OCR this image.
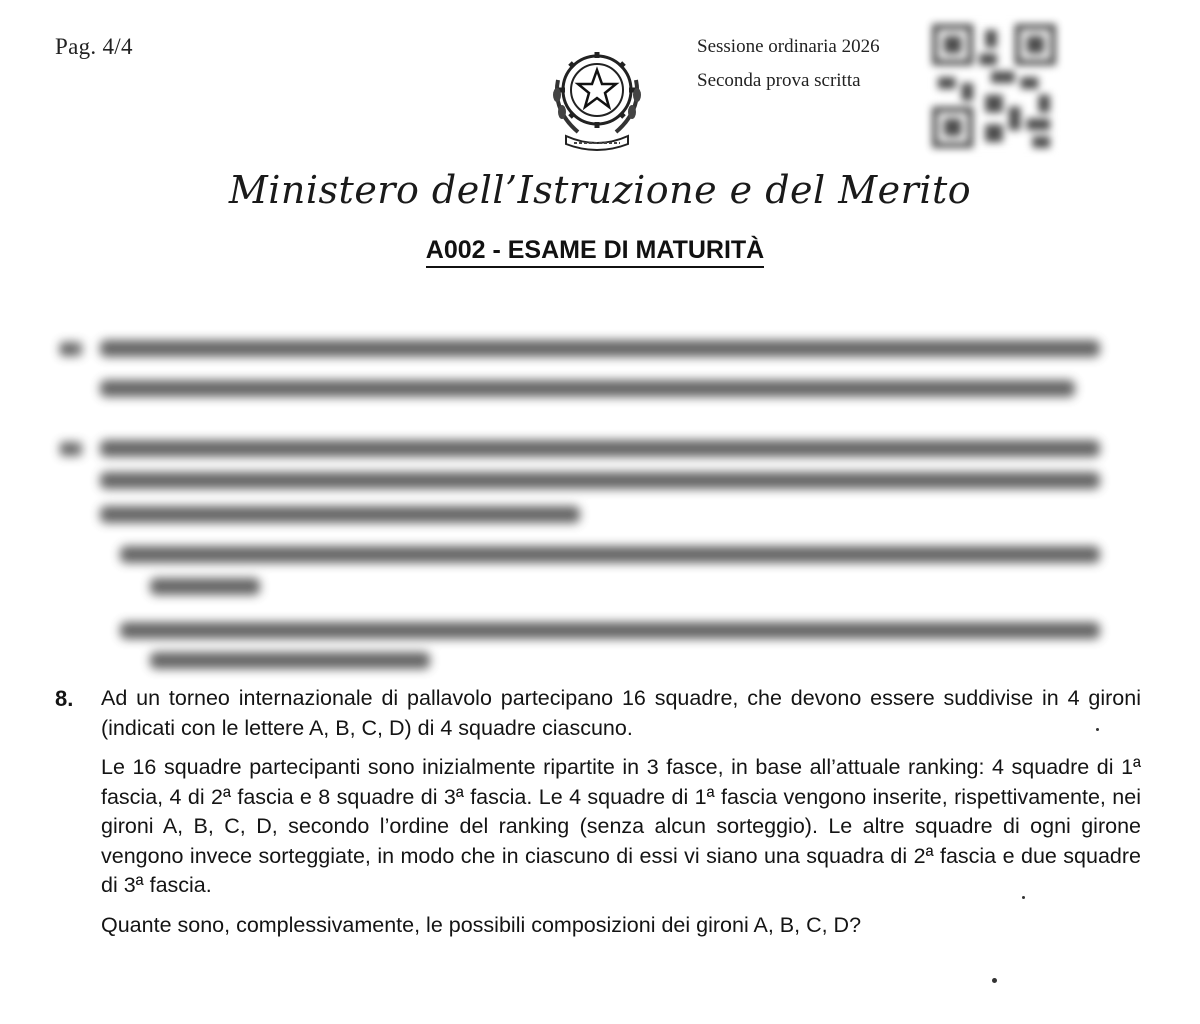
Pag. 4/4	Sessione ordinaria 2026
Seconda prova scritta
Ministero dell’Istruzione e del Merito
A002 - ESAME DI MATURITÀ
6.
7.
8. Ad un torneo internazionale di pallavolo partecipano 16 squadre, che devono essere suddivise in 4 gironi (indicati con le lettere A, B, C, D) di 4 squadre ciascuno.

Le 16 squadre partecipanti sono inizialmente ripartite in 3 fasce, in base all’attuale ranking: 4 squadre di 1ª fascia, 4 di 2ª fascia e 8 squadre di 3ª fascia. Le 4 squadre di 1ª fascia vengono inserite, rispettivamente, nei gironi A, B, C, D, secondo l’ordine del ranking (senza alcun sorteggio). Le altre squadre di ogni girone vengono invece sorteggiate, in modo che in ciascuno di essi vi siano una squadra di 2ª fascia e due squadre di 3ª fascia.

Quante sono, complessivamente, le possibili composizioni dei gironi A, B, C, D?
